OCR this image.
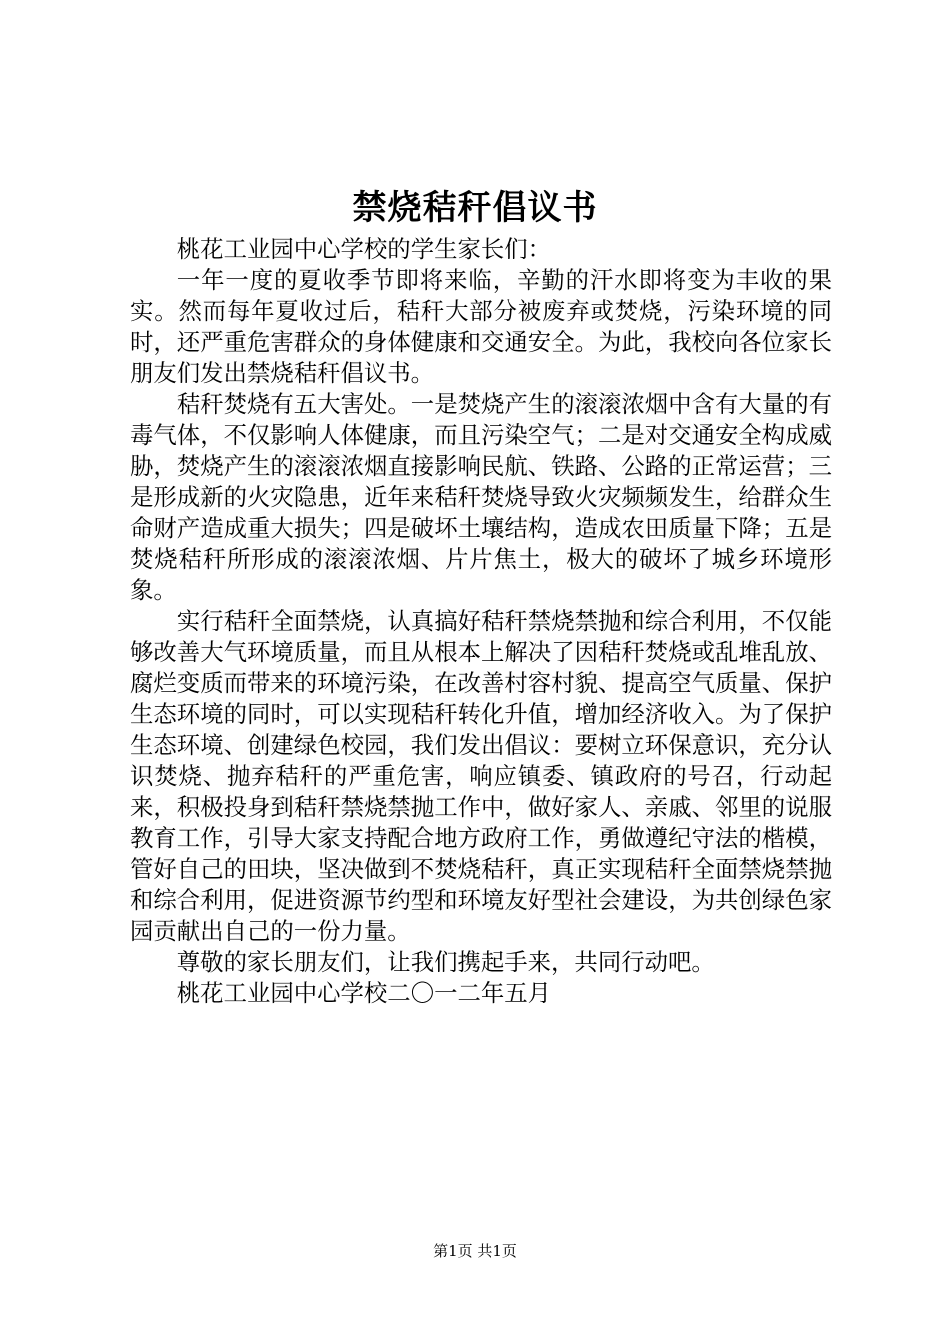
禁烧秸秆倡议书

桃花工业园中心学校的学生家长们：

一年一度的夏收季节即将来临，辛勤的汗水即将变为丰收的果实。然而每年夏收过后，秸秆大部分被废弃或焚烧，污染环境的同时，还严重危害群众的身体健康和交通安全。为此，我校向各位家长朋友们发出禁烧秸秆倡议书。

秸秆焚烧有五大害处。一是焚烧产生的滚滚浓烟中含有大量的有毒气体，不仅影响人体健康，而且污染空气；二是对交通安全构成威胁，焚烧产生的滚滚浓烟直接影响民航、铁路、公路的正常运营；三是形成新的火灾隐患，近年来秸秆焚烧导致火灾频频发生，给群众生命财产造成重大损失；四是破坏土壤结构，造成农田质量下降；五是焚烧秸秆所形成的滚滚浓烟、片片焦土，极大的破坏了城乡环境形象。

实行秸秆全面禁烧，认真搞好秸秆禁烧禁抛和综合利用，不仅能够改善大气环境质量，而且从根本上解决了因秸秆焚烧或乱堆乱放、腐烂变质而带来的环境污染，在改善村容村貌、提高空气质量、保护生态环境的同时，可以实现秸秆转化升值，增加经济收入。为了保护生态环境、创建绿色校园，我们发出倡议：要树立环保意识，充分认识焚烧、抛弃秸秆的严重危害，响应镇委、镇政府的号召，行动起来，积极投身到秸秆禁烧禁抛工作中，做好家人、亲戚、邻里的说服教育工作，引导大家支持配合地方政府工作，勇做遵纪守法的楷模，管好自己的田块，坚决做到不焚烧秸秆，真正实现秸秆全面禁烧禁抛和综合利用，促进资源节约型和环境友好型社会建设，为共创绿色家园贡献出自己的一份力量。

尊敬的家长朋友们，让我们携起手来，共同行动吧。

桃花工业园中心学校二〇一二年五月

第1页 共1页
